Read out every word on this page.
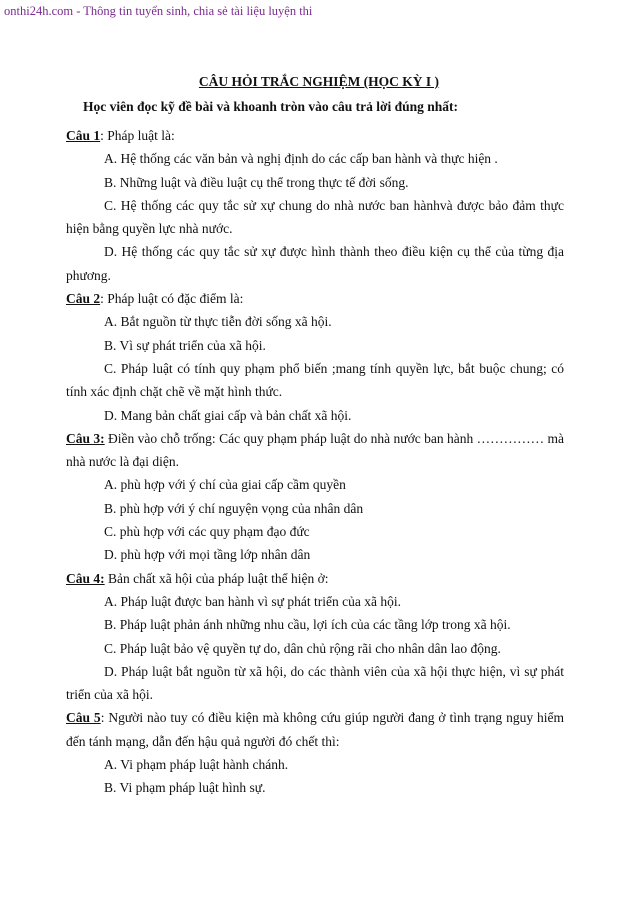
onthi24h.com - Thông tin tuyển sinh, chia sẻ tài liệu luyện thi
CÂU HỎI TRẮC NGHIỆM (HỌC KỲ I )
Học viên đọc kỹ đề bài và khoanh tròn vào câu trả lời đúng nhất:
Câu 1: Pháp luật là:
A. Hệ thống các văn bản và nghị định do các cấp ban hành và thực hiện .
B. Những luật và điều luật cụ thể trong thực tế đời sống.
C. Hệ thống các quy tắc sử xự chung do nhà nước ban hànhvà được bảo đảm thực hiện bằng quyền lực nhà nước.
D. Hệ thống các quy tắc sử xự được hình thành theo điều kiện cụ thể của từng địa phương.
Câu 2: Pháp luật có đặc điểm là:
A. Bắt nguồn từ thực tiễn đời sống xã hội.
B. Vì sự phát triển của xã hội.
C. Pháp luật có tính quy phạm phổ biến ;mang tính quyền lực, bắt buộc chung; có tính xác định chặt chẽ về mặt hình thức.
D. Mang bản chất giai cấp và bản chất xã hội.
Câu 3: Điền vào chỗ trống: Các quy phạm pháp luật do nhà nước ban hành …………… mà nhà nước là đại diện.
A. phù hợp với ý chí của giai cấp cầm quyền
B. phù hợp với ý chí nguyện vọng của nhân dân
C. phù hợp với các quy phạm đạo đức
D. phù hợp với mọi tầng lớp nhân dân
Câu 4: Bản chất xã hội của pháp luật thể hiện ở:
A. Pháp luật được ban hành vì sự phát triển của xã hội.
B. Pháp luật phản ánh những nhu cầu, lợi ích của các tầng lớp trong xã hội.
C. Pháp luật bảo vệ quyền tự do, dân chủ rộng rãi cho nhân dân lao động.
D. Pháp luật bắt nguồn từ xã hội, do các thành viên của xã hội thực hiện, vì sự phát triển của xã hội.
Câu 5: Người nào tuy có điều kiện mà không cứu giúp người đang ở tình trạng nguy hiểm đến tánh mạng, dẫn đến hậu quả người đó chết thì:
A. Vi phạm pháp luật hành chánh.
B. Vi phạm pháp luật hình sự.
